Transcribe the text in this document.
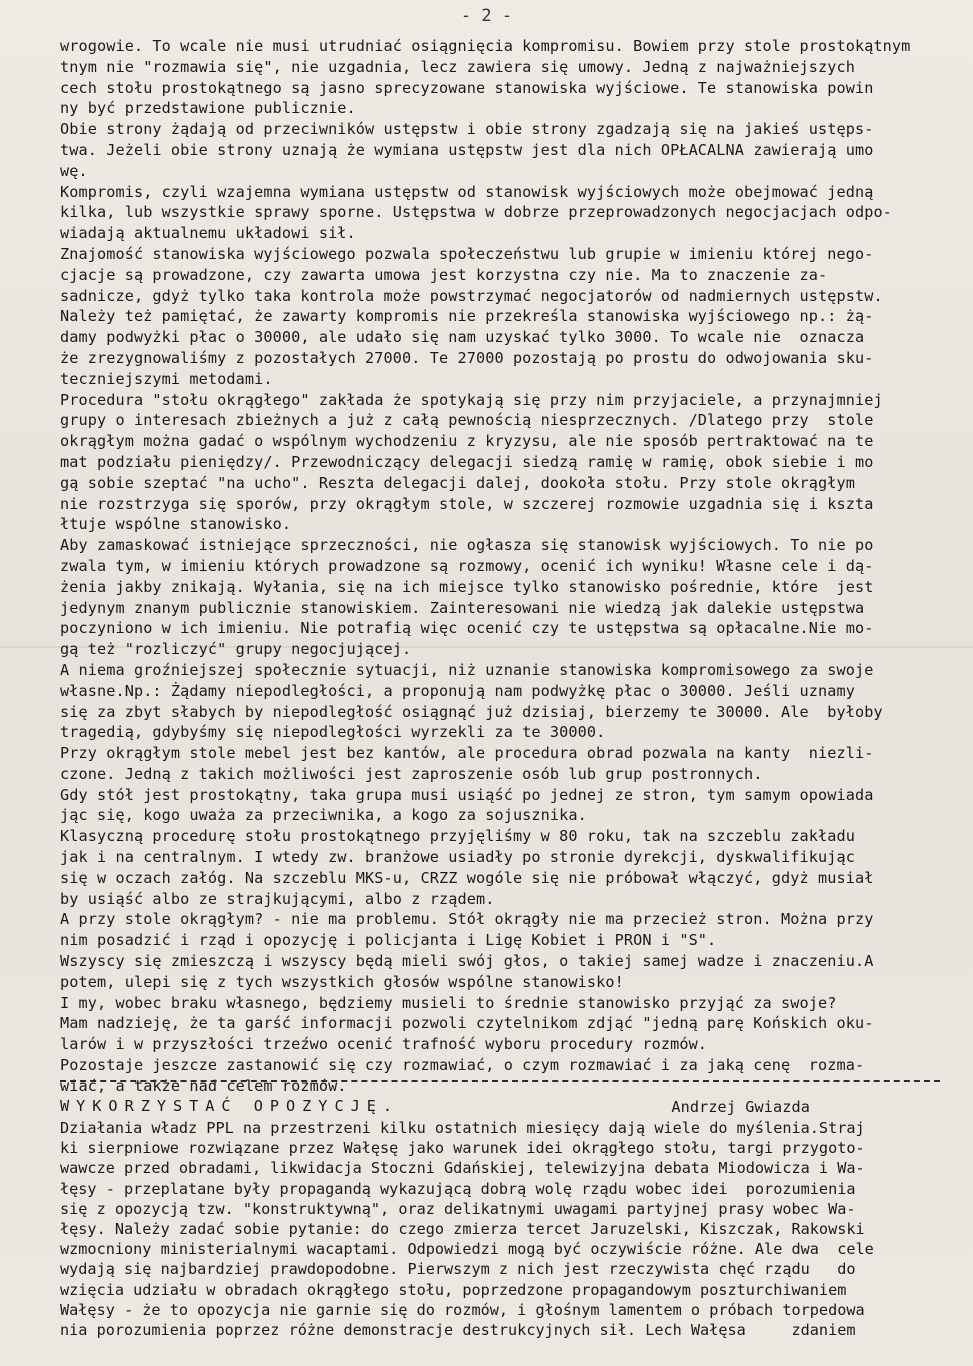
- 2 -
wrogowie. To wcale nie musi utrudniać osiągnięcia kompromisu. Bowiem przy stole prostokątnym
tnym nie "rozmawia się", nie uzgadnia, lecz zawiera się umowy. Jedną z najważniejszych
cech stołu prostokątnego są jasno sprecyzowane stanowiska wyjściowe. Te stanowiska powin
ny być przedstawione publicznie.
Obie strony żądają od przeciwników ustępstw i obie strony zgadzają się na jakieś ustęps-
twa. Jeżeli obie strony uznają że wymiana ustępstw jest dla nich OPŁACALNA zawierają umo
wę.
Kompromis, czyli wzajemna wymiana ustępstw od stanowisk wyjściowych może obejmować jedną
kilka, lub wszystkie sprawy sporne. Ustępstwa w dobrze przeprowadzonych negocjacjach odpo-
wiadają aktualnemu układowi sił.
Znajomość stanowiska wyjściowego pozwala społeczeństwu lub grupie w imieniu której nego-
cjacje są prowadzone, czy zawarta umowa jest korzystna czy nie. Ma to znaczenie za-
sadnicze, gdyż tylko taka kontrola może powstrzymać negocjatorów od nadmiernych ustępstw.
Należy też pamiętać, że zawarty kompromis nie przekreśla stanowiska wyjściowego np.: żą-
damy podwyżki płac o 30000, ale udało się nam uzyskać tylko 3000. To wcale nie  oznacza
że zrezygnowaliśmy z pozostałych 27000. Te 27000 pozostają po prostu do odwojowania sku-
teczniejszymi metodami.
Procedura "stołu okrągłego" zakłada że spotykają się przy nim przyjaciele, a przynajmniej
grupy o interesach zbieżnych a już z całą pewnością niesprzecznych. /Dlatego przy  stole
okrągłym można gadać o wspólnym wychodzeniu z kryzysu, ale nie sposób pertraktować na te
mat podziału pieniędzy/. Przewodniczący delegacji siedzą ramię w ramię, obok siebie i mo
gą sobie szeptać "na ucho". Reszta delegacji dalej, dookoła stołu. Przy stole okrągłym
nie rozstrzyga się sporów, przy okrągłym stole, w szczerej rozmowie uzgadnia się i kszta
łtuje wspólne stanowisko.
Aby zamaskować istniejące sprzeczności, nie ogłasza się stanowisk wyjściowych. To nie po
zwala tym, w imieniu których prowadzone są rozmowy, ocenić ich wyniku! Własne cele i dą-
żenia jakby znikają. Wyłania, się na ich miejsce tylko stanowisko pośrednie, które  jest
jedynym znanym publicznie stanowiskiem. Zainteresowani nie wiedzą jak dalekie ustępstwa
poczyniono w ich imieniu. Nie potrafią więc ocenić czy te ustępstwa są opłacalne.Nie mo-
gą też "rozliczyć" grupy negocjującej.
A niema groźniejszej społecznie sytuacji, niż uznanie stanowiska kompromisowego za swoje
własne.Np.: Żądamy niepodległości, a proponują nam podwyżkę płac o 30000. Jeśli uznamy
się za zbyt słabych by niepodległość osiągnąć już dzisiaj, bierzemy te 30000. Ale  byłoby
tragedią, gdybyśmy się niepodległości wyrzekli za te 30000.
Przy okrągłym stole mebel jest bez kantów, ale procedura obrad pozwala na kanty  niezli-
czone. Jedną z takich możliwości jest zaproszenie osób lub grup postronnych.
Gdy stół jest prostokątny, taka grupa musi usiąść po jednej ze stron, tym samym opowiada
jąc się, kogo uważa za przeciwnika, a kogo za sojusznika.
Klasyczną procedurę stołu prostokątnego przyjęliśmy w 80 roku, tak na szczeblu zakładu
jak i na centralnym. I wtedy zw. branżowe usiadły po stronie dyrekcji, dyskwalifikując
się w oczach załóg. Na szczeblu MKS-u, CRZZ wogóle się nie próbował włączyć, gdyż musiał
by usiąść albo ze strajkującymi, albo z rządem.
A przy stole okrągłym? - nie ma problemu. Stół okrągły nie ma przecież stron. Można przy
nim posadzić i rząd i opozycję i policjanta i Ligę Kobiet i PRON i "S".
Wszyscy się zmieszczą i wszyscy będą mieli swój głos, o takiej samej wadze i znaczeniu.A
potem, ulepi się z tych wszystkich głosów wspólne stanowisko!
I my, wobec braku własnego, będziemy musieli to średnie stanowisko przyjąć za swoje?
Mam nadzieję, że ta garść informacji pozwoli czytelnikom zdjąć "jedną parę Końskich oku-
larów i w przyszłości trzeźwo ocenić trafność wyboru procedury rozmów.
Pozostaje jeszcze zastanowić się czy rozmawiać, o czym rozmawiać i za jaką cenę  rozma-
wiać, a także nad celem rozmów.
Andrzej Gwiazda
WYKORZYSTAĆ OPOZYCJĘ.
Działania władz PPL na przestrzeni kilku ostatnich miesięcy dają wiele do myślenia.Straj
ki sierpniowe rozwiązane przez Wałęsę jako warunek idei okrągłego stołu, targi przygoto-
wawcze przed obradami, likwidacja Stoczni Gdańskiej, telewizyjna debata Miodowicza i Wa-
łęsy - przeplatane były propagandą wykazującą dobrą wolę rządu wobec idei  porozumienia
się z opozycją tzw. "konstruktywną", oraz delikatnymi uwagami partyjnej prasy wobec Wa-
łęsy. Należy zadać sobie pytanie: do czego zmierza tercet Jaruzelski, Kiszczak, Rakowski
wzmocniony ministerialnymi wacaptami. Odpowiedzi mogą być oczywiście różne. Ale dwa  cele
wydają się najbardziej prawdopodobne. Pierwszym z nich jest rzeczywista chęć rządu   do
wzięcia udziału w obradach okrągłego stołu, poprzedzone propagandowym poszturchiwaniem
Wałęsy - że to opozycja nie garnie się do rozmów, i głośnym lamentem o próbach torpedowa
nia porozumienia poprzez różne demonstracje destrukcyjnych sił. Lech Wałęsa     zdaniem
